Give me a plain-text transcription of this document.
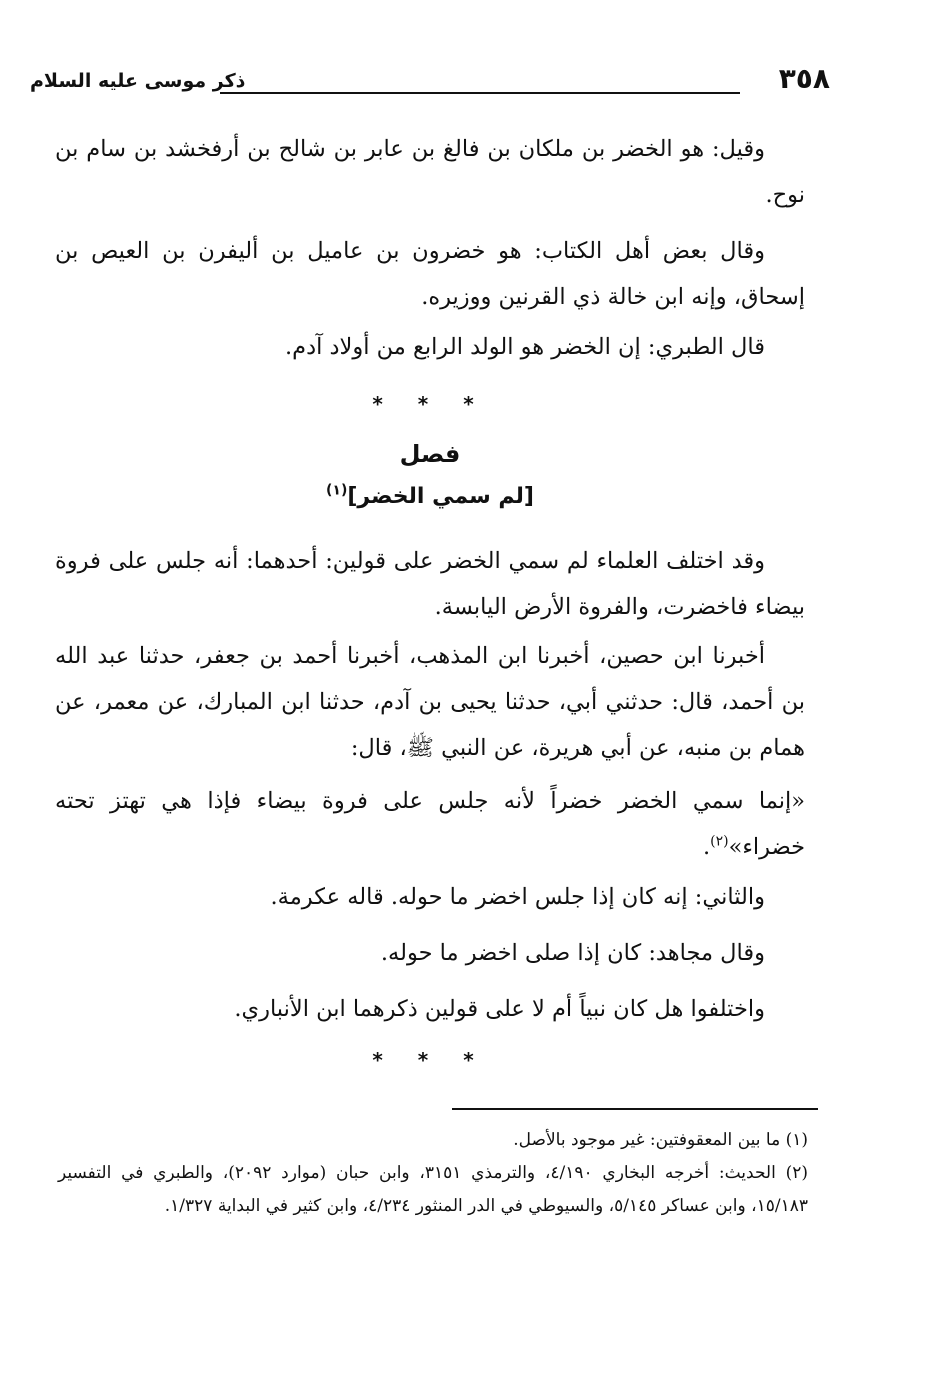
٣٥٨
ذكر موسى عليه السلام
وقيل: هو الخضر بن ملكان بن فالغ بن عابر بن شالح بن أرفخشد بن سام بن نوح.
وقال بعض أهل الكتاب: هو خضرون بن عاميل بن أليفرن بن العيص بن إسحاق، وإنه ابن خالة ذي القرنين ووزيره.
قال الطبري: إن الخضر هو الولد الرابع من أولاد آدم.
* * *
فصل
[لم سمي الخضر]$^{(١)}$
وقد اختلف العلماء لم سمي الخضر على قولين: أحدهما: أنه جلس على فروة بيضاء فاخضرت، والفروة الأرض اليابسة.
أخبرنا ابن حصين، أخبرنا ابن المذهب، أخبرنا أحمد بن جعفر، حدثنا عبد الله بن أحمد، قال: حدثني أبي، حدثنا يحيى بن آدم، حدثنا ابن المبارك، عن معمر، عن همام بن منبه، عن أبي هريرة، عن النبي ﷺ، قال:
«إنما سمي الخضر خضراً لأنه جلس على فروة بيضاء فإذا هي تهتز تحته خضراء»$^{(٢)}$.
والثاني: إنه كان إذا جلس اخضر ما حوله. قاله عكرمة.
وقال مجاهد: كان إذا صلى اخضر ما حوله.
واختلفوا هل كان نبياً أم لا على قولين ذكرهما ابن الأنباري.
* * *

(١) ما بين المعقوفتين: غير موجود بالأصل.

(٢) الحديث: أخرجه البخاري ٤/١٩٠، والترمذي ٣١٥١، وابن حبان (موارد ٢٠٩٢)، والطبري في التفسير ١٥/١٨٣، وابن عساكر ٥/١٤٥، والسيوطي في الدر المنثور ٤/٢٣٤، وابن كثير في البداية ١/٣٢٧.
